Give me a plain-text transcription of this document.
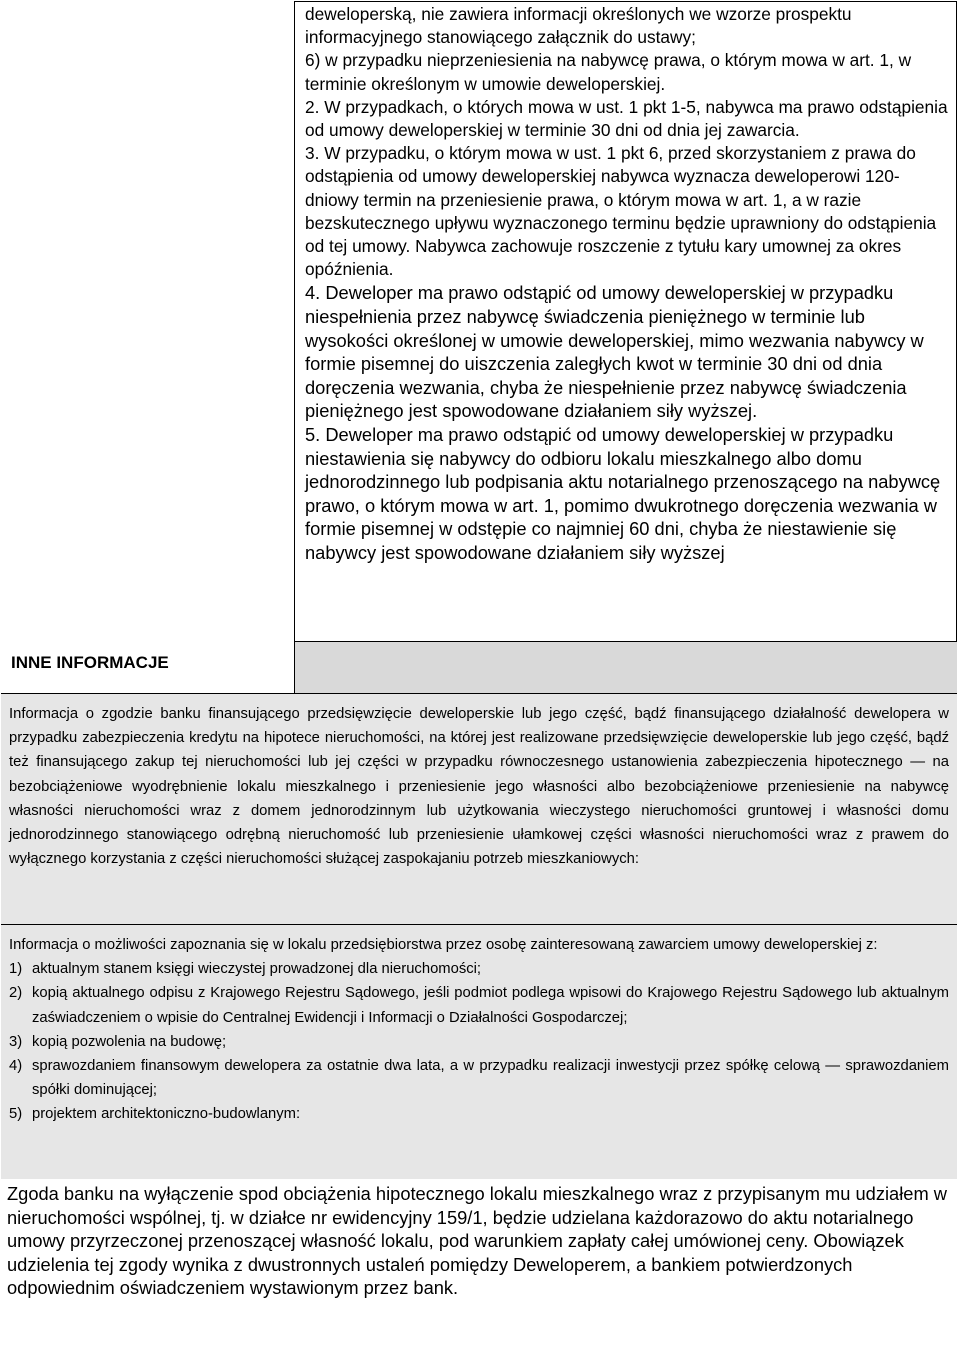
INNE INFORMACJE

deweloperską, nie zawiera informacji określonych we wzorze prospektu informacyjnego stanowiącego załącznik do ustawy;

6) w przypadku nieprzeniesienia na nabywcę prawa, o którym mowa w art. 1, w terminie określonym w umowie deweloperskiej.

2. W przypadkach, o których mowa w ust. 1 pkt 1-5, nabywca ma prawo odstąpienia od umowy deweloperskiej w terminie 30 dni od dnia jej zawarcia.

3. W przypadku, o którym mowa w ust. 1 pkt 6, przed skorzystaniem z prawa do odstąpienia od umowy deweloperskiej nabywca wyznacza deweloperowi 120-dniowy termin na przeniesienie prawa, o którym mowa w art. 1, a w razie bezskutecznego upływu wyznaczonego terminu będzie uprawniony do odstąpienia od tej umowy. Nabywca zachowuje roszczenie z tytułu kary umownej za okres opóźnienia.

4. Deweloper ma prawo odstąpić od umowy deweloperskiej w przypadku niespełnienia przez nabywcę świadczenia pieniężnego w terminie lub wysokości określonej w umowie deweloperskiej, mimo wezwania nabywcy w formie pisemnej do uiszczenia zaległych kwot w terminie 30 dni od dnia doręczenia wezwania, chyba że niespełnienie przez nabywcę świadczenia pieniężnego jest spowodowane działaniem siły wyższej.

5. Deweloper ma prawo odstąpić od umowy deweloperskiej w przypadku niestawienia się nabywcy do odbioru lokalu mieszkalnego albo domu jednorodzinnego lub podpisania aktu notarialnego przenoszącego na nabywcę prawo, o którym mowa w art. 1, pomimo dwukrotnego doręczenia wezwania w formie pisemnej w odstępie co najmniej 60 dni, chyba że niestawienie się nabywcy jest spowodowane działaniem siły wyższej

Informacja o zgodzie banku finansującego przedsięwzięcie deweloperskie lub jego część, bądź finansującego działalność dewelopera w przypadku zabezpieczenia kredytu na hipotece nieruchomości, na której jest realizowane przedsięwzięcie deweloperskie lub jego część, bądź też finansującego zakup tej nieruchomości lub jej części w przypadku równoczesnego ustanowienia zabezpieczenia hipotecznego — na bezobciążeniowe wyodrębnienie lokalu mieszkalnego i przeniesienie jego własności albo bezobciążeniowe przeniesienie na nabywcę własności nieruchomości wraz z domem jednorodzinnym lub użytkowania wieczystego nieruchomości gruntowej i własności domu jednorodzinnego stanowiącego odrębną nieruchomość lub przeniesienie ułamkowej części własności nieruchomości wraz z prawem do wyłącznego korzystania z części nieruchomości służącej zaspokajaniu potrzeb mieszkaniowych:

Informacja o możliwości zapoznania się w lokalu przedsiębiorstwa przez osobę zainteresowaną zawarciem umowy deweloperskiej z:

1) aktualnym stanem księgi wieczystej prowadzonej dla nieruchomości;
2) kopią aktualnego odpisu z Krajowego Rejestru Sądowego, jeśli podmiot podlega wpisowi do Krajowego Rejestru Sądowego lub aktualnym zaświadczeniem o wpisie do Centralnej Ewidencji i Informacji o Działalności Gospodarczej;
3) kopią pozwolenia na budowę;
4) sprawozdaniem finansowym dewelopera za ostatnie dwa lata, a w przypadku realizacji inwestycji przez spółkę celową — sprawozdaniem spółki dominującej;
5) projektem architektoniczno-budowlanym:

Zgoda banku na wyłączenie spod obciążenia hipotecznego lokalu mieszkalnego wraz z przypisanym mu udziałem w nieruchomości wspólnej, tj. w działce nr ewidencyjny 159/1, będzie udzielana każdorazowo do aktu notarialnego umowy przyrzeczonej przenoszącej własność lokalu, pod warunkiem zapłaty całej umówionej ceny. Obowiązek udzielenia tej zgody wynika z dwustronnych ustaleń pomiędzy Deweloperem, a bankiem potwierdzonych odpowiednim oświadczeniem wystawionym przez bank.
